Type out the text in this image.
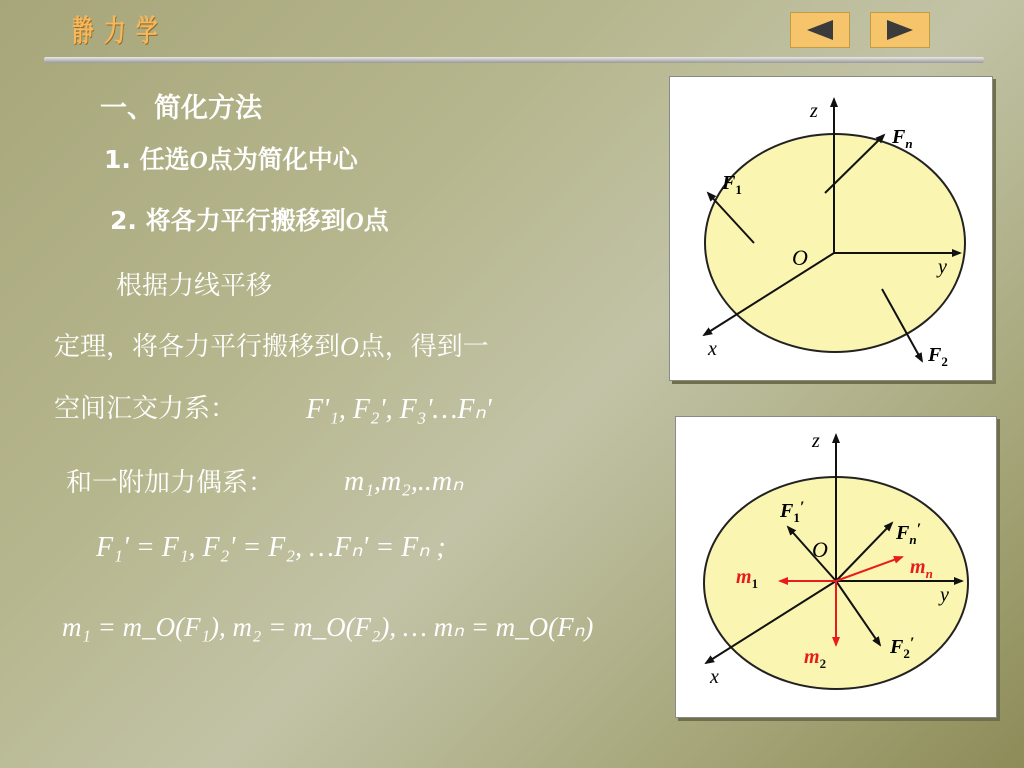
静 力 学
一、简化方法
1. 任选O点为简化中心
2. 将各力平行搬移到O点
根据力线平移
定理，将各力平行搬移到O点，得到一
空间汇交力系：
和一附加力偶系：
F'₁, F₂', F₃'…Fₙ'
m₁,m₂,..mₙ
F₁' = F₁, F₂' = F₂, …Fₙ' = Fₙ ;
m₁ = m_O(F₁), m₂ = m_O(F₂), … mₙ = m_O(Fₙ)
z
y
x
O
$F_1$
$F_n$
$F_2$
z
y
x
O
$F_1'$
$F_n'$
$F_2'$
$m_1$
$m_n$
$m_2$
